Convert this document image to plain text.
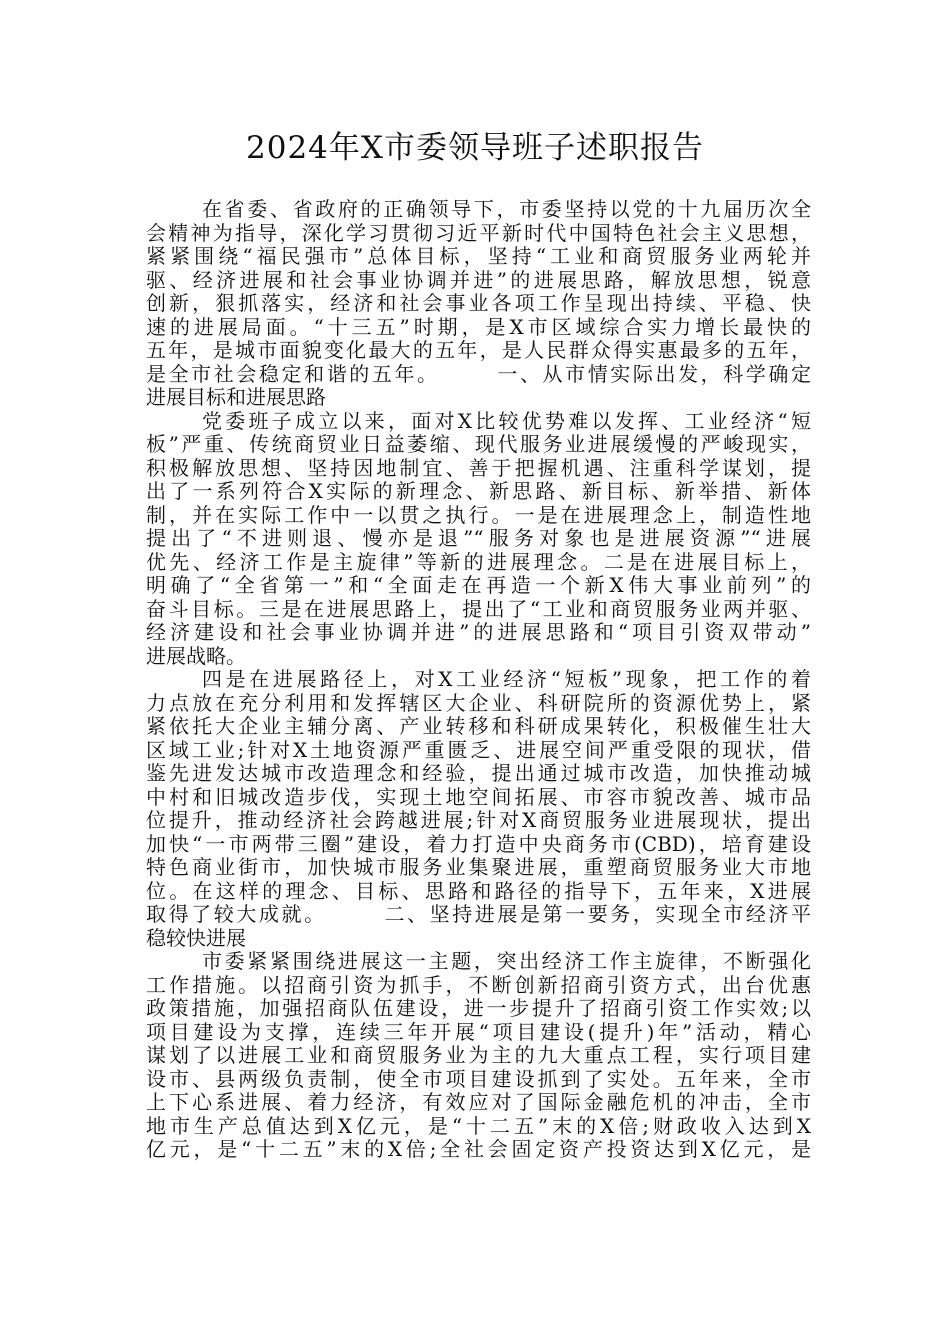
2024年X市委领导班子述职报告
在省委、省政府的正确领导下，市委坚持以党的十九届历次全
会精神为指导，深化学习贯彻习近平新时代中国特色社会主义思想，
紧紧围绕“福民强市”总体目标，坚持“工业和商贸服务业两轮并
驱、经济进展和社会事业协调并进”的进展思路，解放思想，锐意
创新，狠抓落实，经济和社会事业各项工作呈现出持续、平稳、快
速的进展局面。“十三五”时期，是X市区域综合实力增长最快的
五年，是城市面貌变化最大的五年，是人民群众得实惠最多的五年，
是全市社会稳定和谐的五年。　　　一、从市情实际出发，科学确定
进展目标和进展思路
党委班子成立以来，面对X比较优势难以发挥、工业经济“短
板”严重、传统商贸业日益萎缩、现代服务业进展缓慢的严峻现实，
积极解放思想、坚持因地制宜、善于把握机遇、注重科学谋划，提
出了一系列符合X实际的新理念、新思路、新目标、新举措、新体
制，并在实际工作中一以贯之执行。一是在进展理念上，制造性地
提出了“不进则退、慢亦是退”“服务对象也是进展资源”“进展
优先、经济工作是主旋律”等新的进展理念。二是在进展目标上，
明确了“全省第一”和“全面走在再造一个新X伟大事业前列”的
奋斗目标。三是在进展思路上，提出了“工业和商贸服务业两并驱、
经济建设和社会事业协调并进”的进展思路和“项目引资双带动”
进展战略。
四是在进展路径上，对X工业经济“短板”现象，把工作的着
力点放在充分利用和发挥辖区大企业、科研院所的资源优势上，紧
紧依托大企业主辅分离、产业转移和科研成果转化，积极催生壮大
区域工业;针对X土地资源严重匮乏、进展空间严重受限的现状，借
鉴先进发达城市改造理念和经验，提出通过城市改造，加快推动城
中村和旧城改造步伐，实现土地空间拓展、市容市貌改善、城市品
位提升，推动经济社会跨越进展;针对X商贸服务业进展现状，提出
加快“一市两带三圈”建设，着力打造中央商务市(CBD)，培育建设
特色商业街市，加快城市服务业集聚进展，重塑商贸服务业大市地
位。在这样的理念、目标、思路和路径的指导下，五年来，X进展
取得了较大成就。　　　二、坚持进展是第一要务，实现全市经济平
稳较快进展
市委紧紧围绕进展这一主题，突出经济工作主旋律，不断强化
工作措施。以招商引资为抓手，不断创新招商引资方式，出台优惠
政策措施，加强招商队伍建设，进一步提升了招商引资工作实效;以
项目建设为支撑，连续三年开展“项目建设(提升)年”活动，精心
谋划了以进展工业和商贸服务业为主的九大重点工程，实行项目建
设市、县两级负责制，使全市项目建设抓到了实处。五年来，全市
上下心系进展、着力经济，有效应对了国际金融危机的冲击，全市
地市生产总值达到X亿元，是“十二五”末的X倍;财政收入达到X
亿元，是“十二五”末的X倍;全社会固定资产投资达到X亿元，是
